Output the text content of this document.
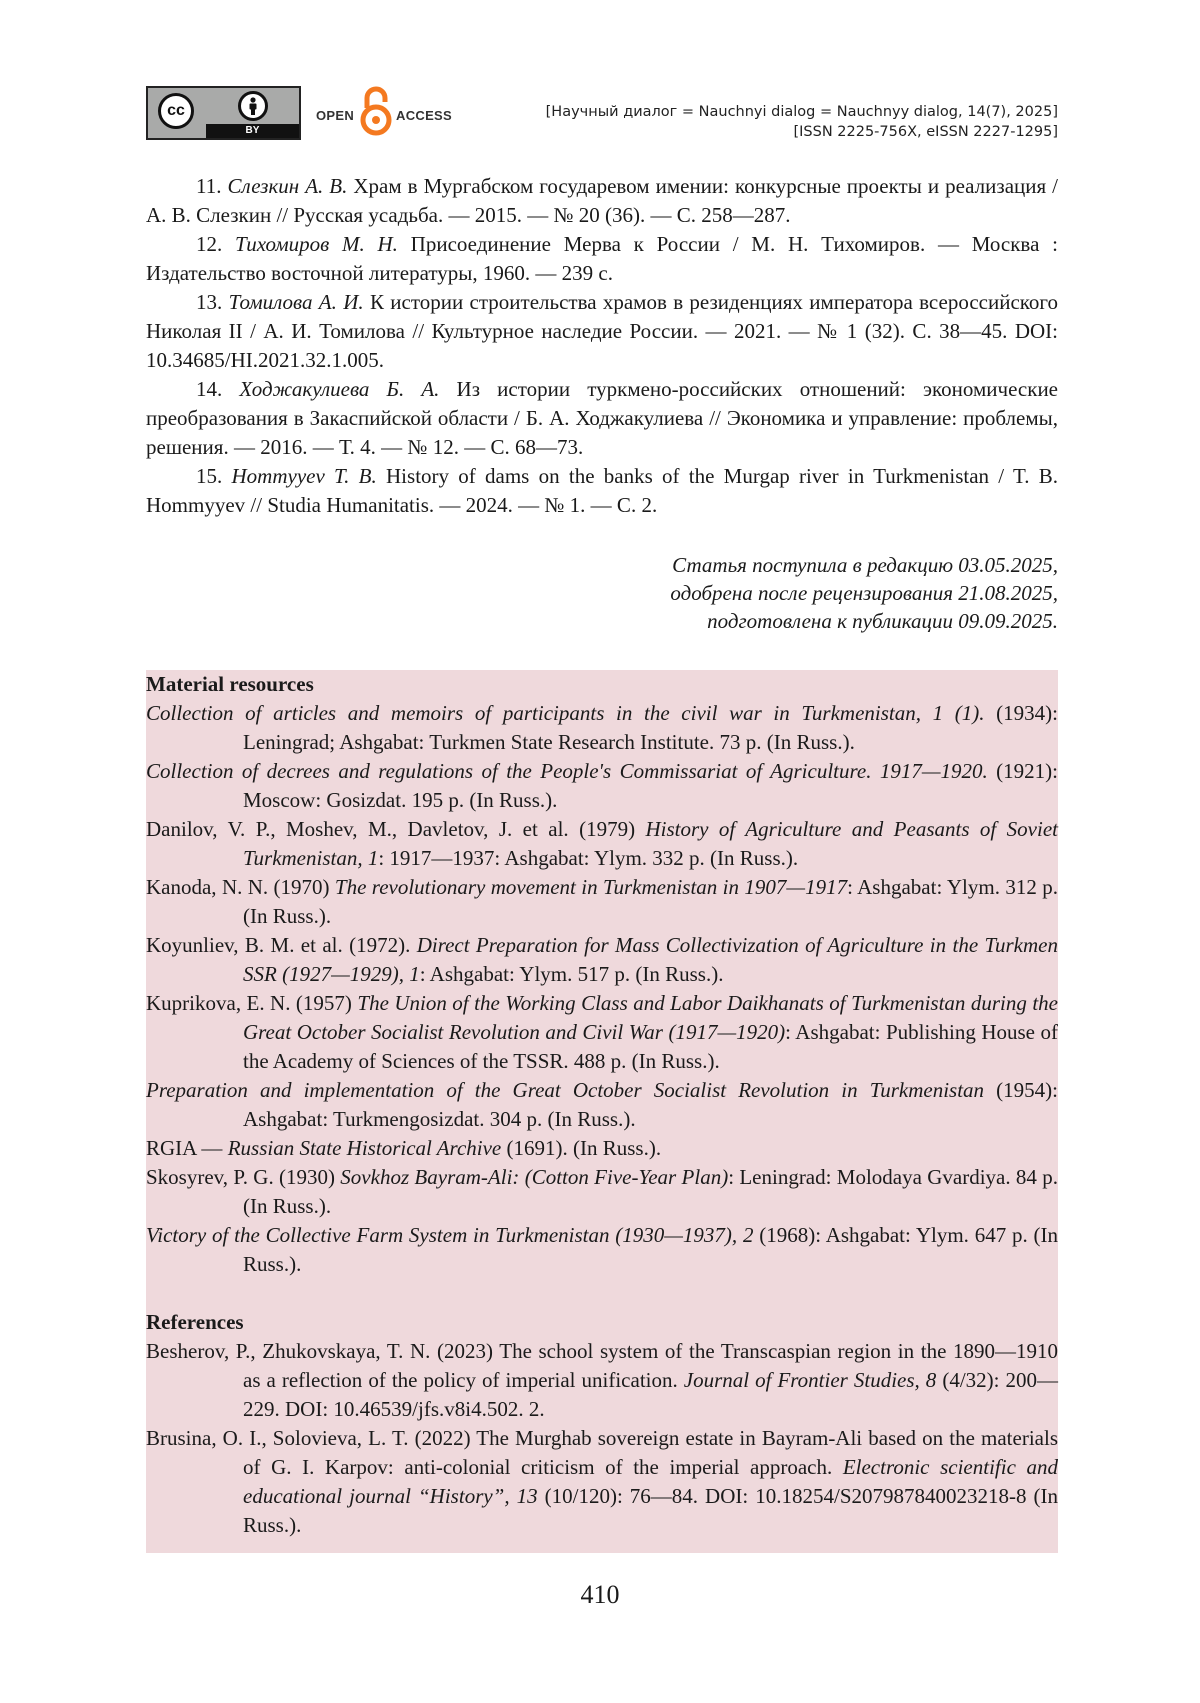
cc
BY
OPEN	ACCESS	[Научный диалог = Nauchnyi dialog = Nauchnyy dialog, 14(7), 2025]
[ISSN 2225-756X, eISSN 2227-1295]

11. Слезкин А. В. Храм в Мургабском государевом имении: конкурсные проекты и реализация / А. В. Слезкин // Русская усадьба. — 2015. — № 20 (36). — С. 258—287.

12. Тихомиров М. Н. Присоединение Мерва к России / М. Н. Тихомиров. — Москва : Издательство восточной литературы, 1960. — 239 с.

13. Томилова А. И. К истории строительства храмов в резиденциях императора всероссийского Николая II / А. И. Томилова // Культурное наследие России. — 2021. — № 1 (32). С. 38—45. DOI: 10.34685/HI.2021.32.1.005.

14. Ходжакулиева Б. А. Из истории туркмено-российских отношений: экономические преобразования в Закаспийской области / Б. А. Ходжакулиева // Экономика и управление: проблемы, решения. — 2016. — Т. 4. — № 12. — С. 68—73.

15. Hommyyev T. B. History of dams on the banks of the Murgap river in Turkmenistan / T. B. Hommyyev // Studia Humanitatis. — 2024. — № 1. — С. 2.

Статья поступила в редакцию 03.05.2025,
одобрена после рецензирования 21.08.2025,
подготовлена к публикации 09.09.2025.

Material resources

Collection of articles and memoirs of participants in the civil war in Turkmenistan, 1 (1). (1934): Leningrad; Ashgabat: Turkmen State Research Institute. 73 p. (In Russ.).

Collection of decrees and regulations of the People's Commissariat of Agriculture. 1917—1920. (1921): Moscow: Gosizdat. 195 p. (In Russ.).

Danilov, V. P., Moshev, M., Davletov, J. et al. (1979) History of Agriculture and Peasants of Soviet Turkmenistan, 1: 1917—1937: Ashgabat: Ylym. 332 p. (In Russ.).

Kanoda, N. N. (1970) The revolutionary movement in Turkmenistan in 1907—1917: Ashgabat: Ylym. 312 p. (In Russ.).

Koyunliev, B. M. et al. (1972). Direct Preparation for Mass Collectivization of Agriculture in the Turkmen SSR (1927—1929), 1: Ashgabat: Ylym. 517 p. (In Russ.).

Kuprikova, E. N. (1957) The Union of the Working Class and Labor Daikhanats of Turkmenistan during the Great October Socialist Revolution and Civil War (1917—1920): Ashgabat: Publishing House of the Academy of Sciences of the TSSR. 488 p. (In Russ.).

Preparation and implementation of the Great October Socialist Revolution in Turkmenistan (1954): Ashgabat: Turkmengosizdat. 304 p. (In Russ.).

RGIA — Russian State Historical Archive (1691). (In Russ.).

Skosyrev, P. G. (1930) Sovkhoz Bayram-Ali: (Cotton Five-Year Plan): Leningrad: Molodaya Gvardiya. 84 p. (In Russ.).

Victory of the Collective Farm System in Turkmenistan (1930—1937), 2 (1968): Ashgabat: Ylym. 647 p. (In Russ.).

References

Besherov, P., Zhukovskaya, T. N. (2023) The school system of the Transcaspian region in the 1890—1910 as a reflection of the policy of imperial unification. Journal of Frontier Studies, 8 (4/32): 200—229. DOI: 10.46539/jfs.v8i4.502. 2.

Brusina, O. I., Solovieva, L. T. (2022) The Murghab sovereign estate in Bayram-Ali based on the materials of G. I. Karpov: anti-colonial criticism of the imperial approach. Electronic scientific and educational journal “History”, 13 (10/120): 76—84. DOI: 10.18254/S207987840023218-8 (In Russ.).

410
